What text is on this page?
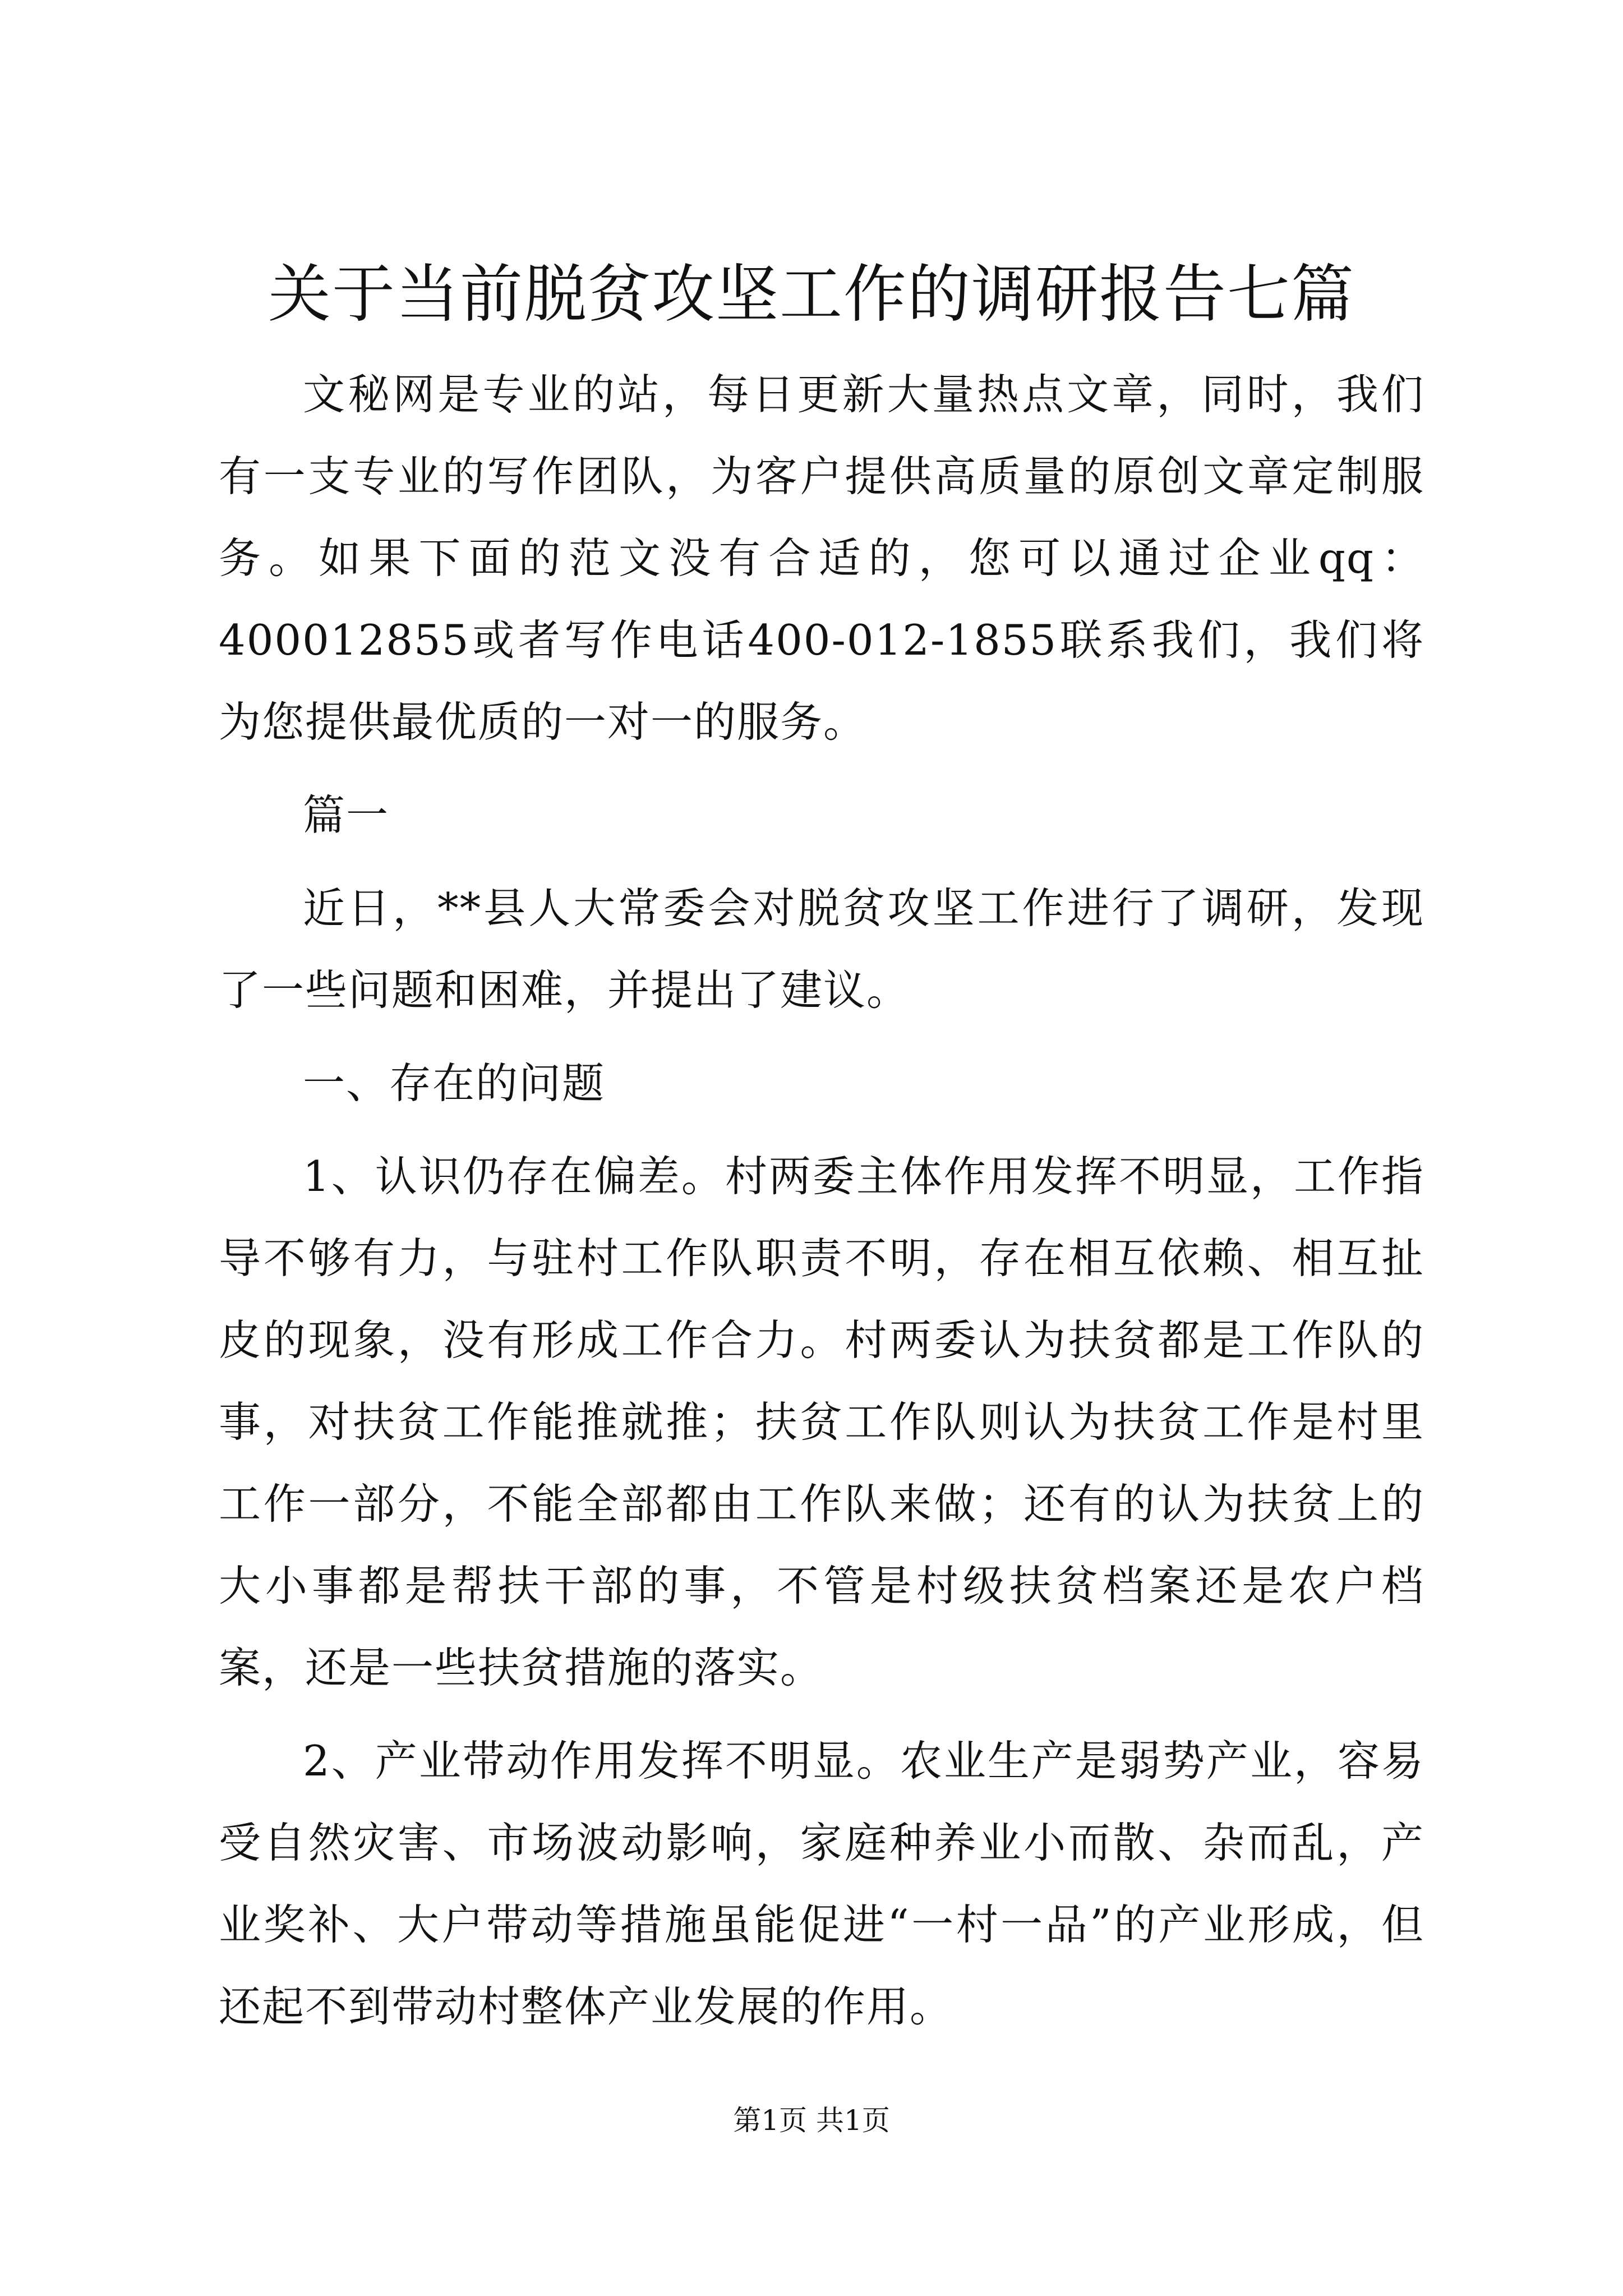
关于当前脱贫攻坚工作的调研报告七篇

文秘网是专业的站，每日更新大量热点文章，同时，我们有一支专业的写作团队，为客户提供高质量的原创文章定制服务。如果下面的范文没有合适的，您可以通过企业qq：400012855或者写作电话400-012-1855联系我们，我们将为您提供最优质的一对一的服务。

篇一

近日，**县人大常委会对脱贫攻坚工作进行了调研，发现了一些问题和困难，并提出了建议。

一、存在的问题

1、认识仍存在偏差。村两委主体作用发挥不明显，工作指导不够有力，与驻村工作队职责不明，存在相互依赖、相互扯皮的现象，没有形成工作合力。村两委认为扶贫都是工作队的事，对扶贫工作能推就推；扶贫工作队则认为扶贫工作是村里工作一部分，不能全部都由工作队来做；还有的认为扶贫上的大小事都是帮扶干部的事，不管是村级扶贫档案还是农户档案，还是一些扶贫措施的落实。

2、产业带动作用发挥不明显。农业生产是弱势产业，容易受自然灾害、市场波动影响，家庭种养业小而散、杂而乱，产业奖补、大户带动等措施虽能促进“一村一品”的产业形成，但还起不到带动村整体产业发展的作用。

第1页 共1页
